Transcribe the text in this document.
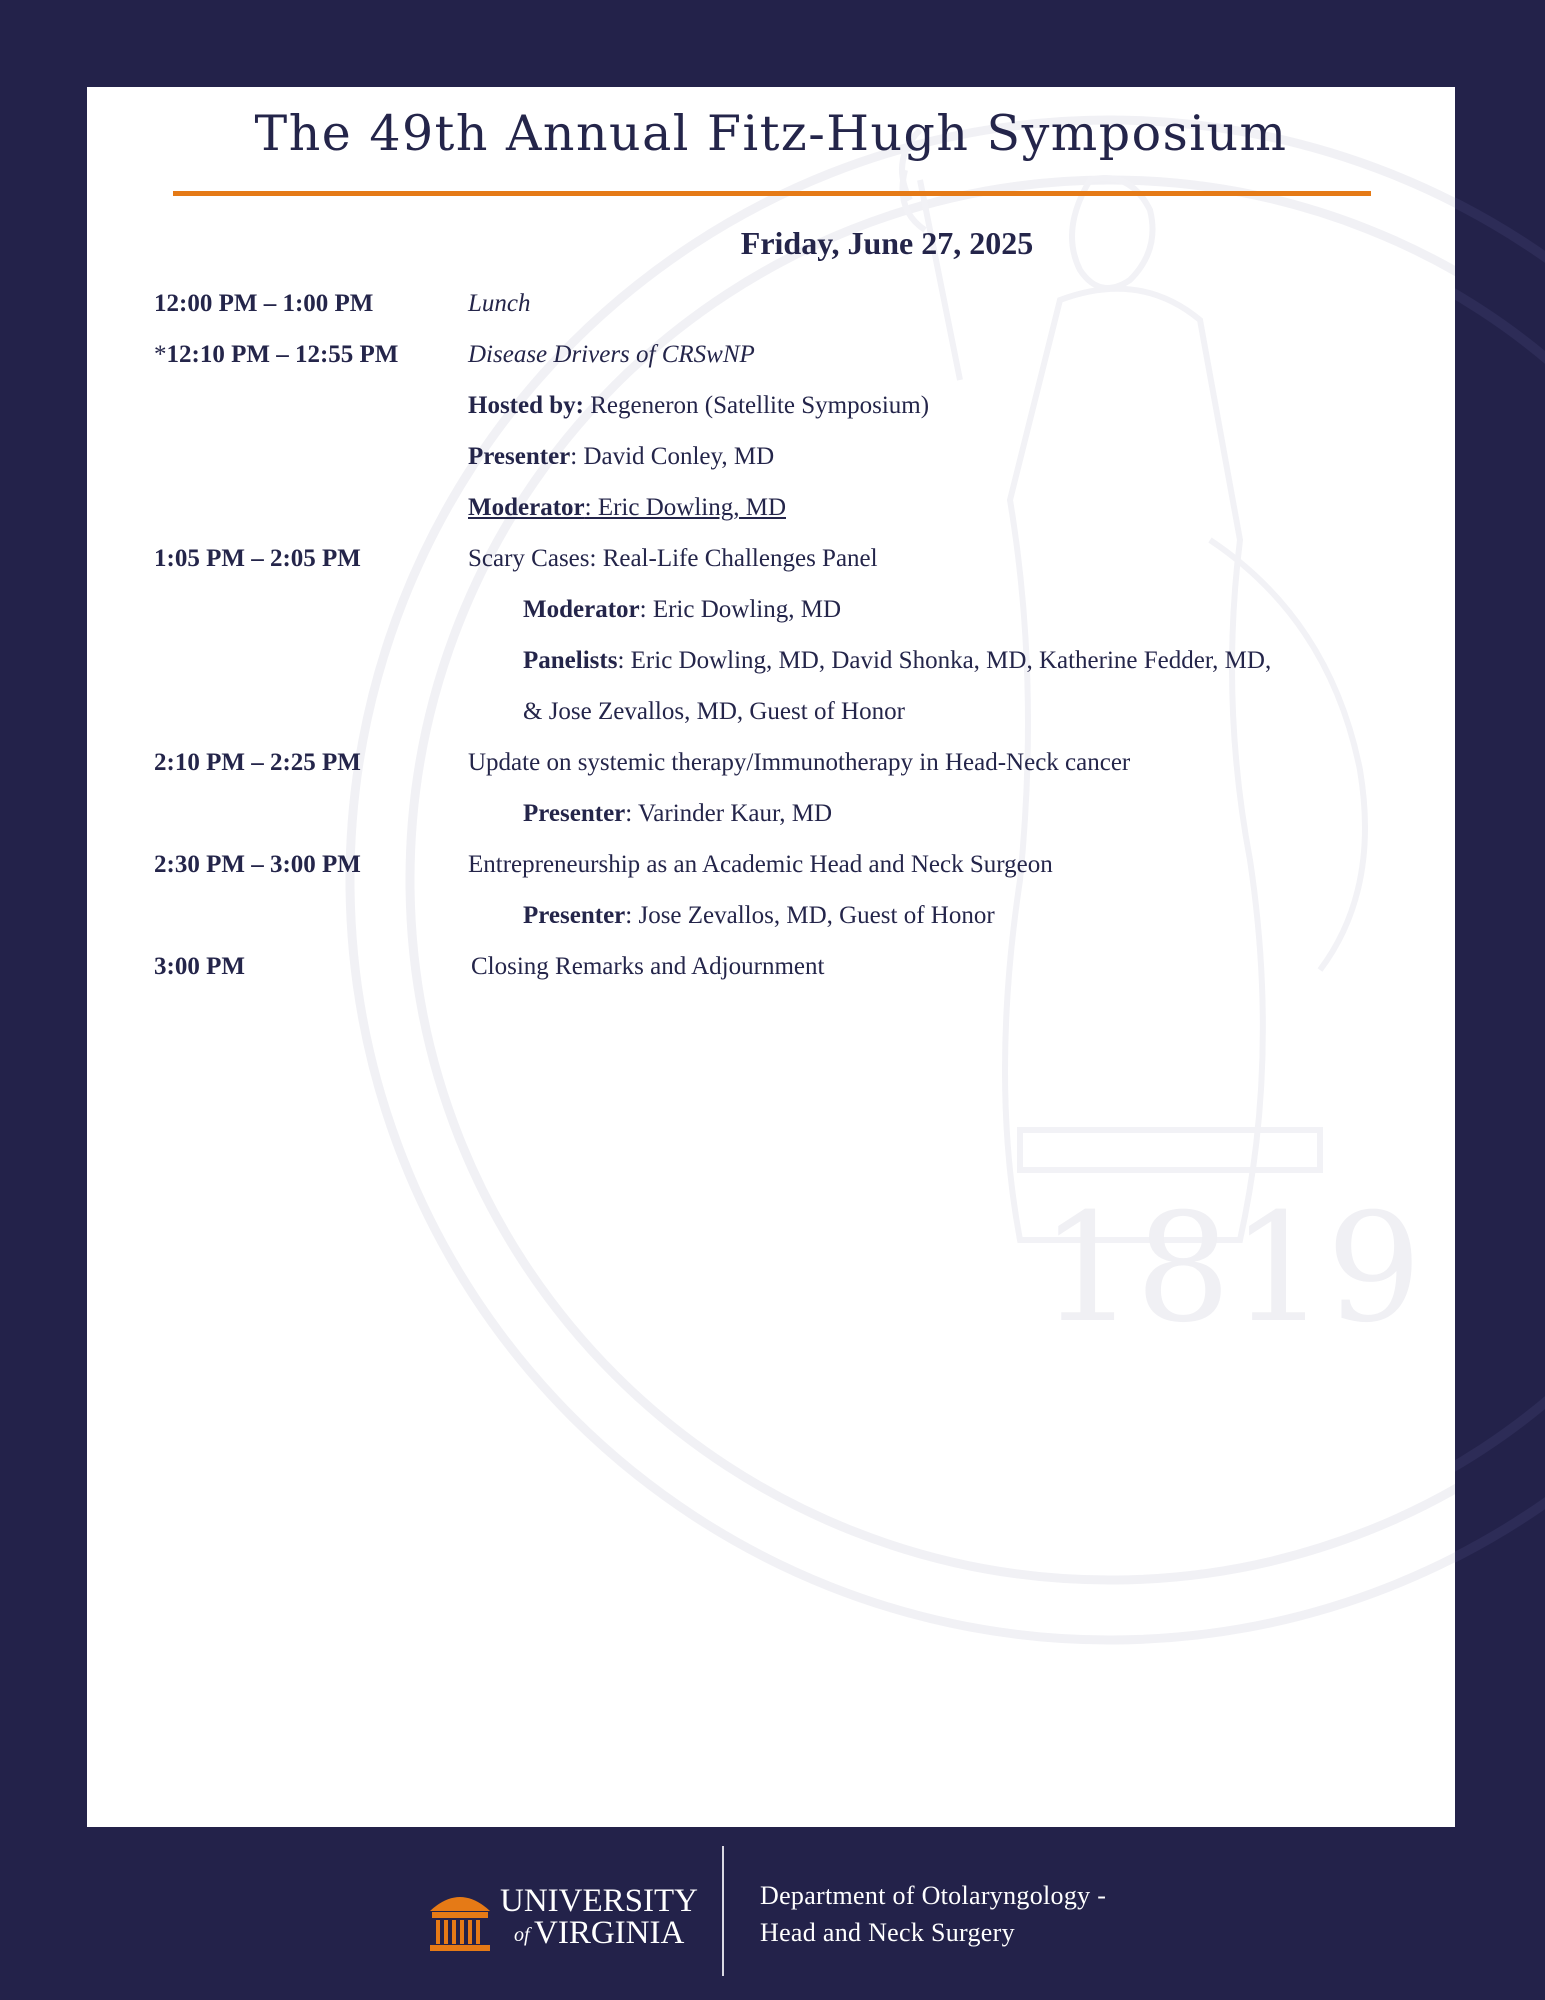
1819
The 49th Annual Fitz-Hugh Symposium
Friday, June 27, 2025
12:00 PM – 1:00 PM	Lunch
*12:10 PM – 12:55 PM	Disease Drivers of CRSwNP
Hosted by: Regeneron (Satellite Symposium)
Presenter: David Conley, MD
Moderator: Eric Dowling, MD
1:05 PM – 2:05 PM	Scary Cases: Real-Life Challenges Panel
Moderator: Eric Dowling, MD
Panelists: Eric Dowling, MD, David Shonka, MD, Katherine Fedder, MD,
& Jose Zevallos, MD, Guest of Honor
2:10 PM – 2:25 PM	Update on systemic therapy/Immunotherapy in Head-Neck cancer
Presenter: Varinder Kaur, MD
2:30 PM – 3:00 PM	Entrepreneurship as an Academic Head and Neck Surgeon
Presenter: Jose Zevallos, MD, Guest of Honor
3:00 PM	Closing Remarks and Adjournment
UNIVERSITY
of VIRGINIA
Department of Otolaryngology -
Head and Neck Surgery
